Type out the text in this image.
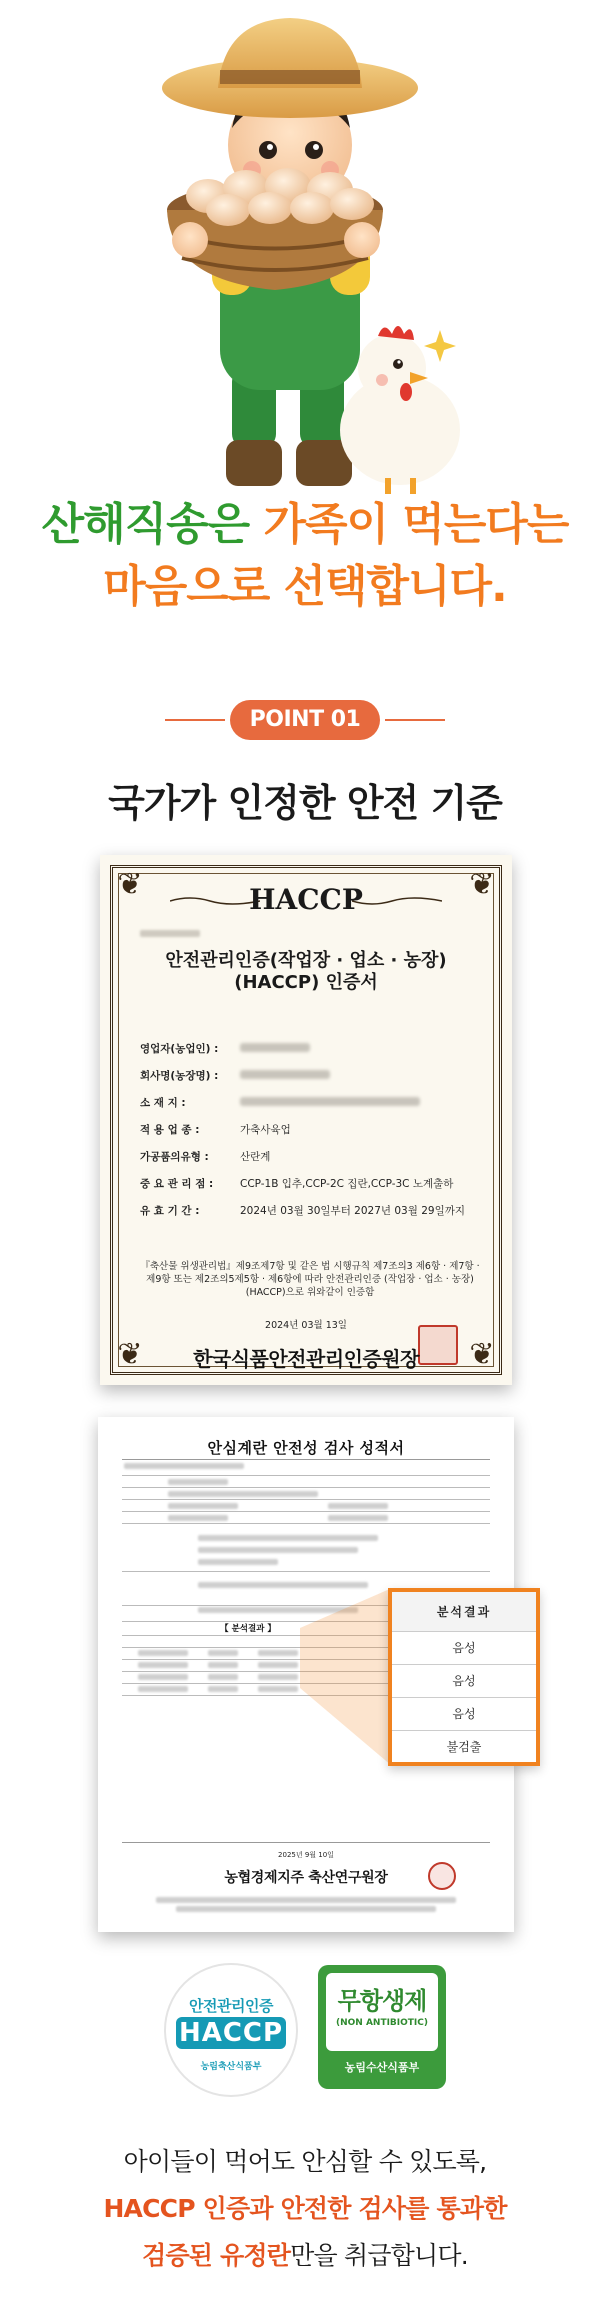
산해직송은 가족이 먹는다는
마음으로 선택합니다.
POINT 01
국가가 인정한 안전 기준
❦	❦
❦	❦
HACCP
안전관리인증(작업장 · 업소 · 농장)
(HACCP) 인증서
영업자(농업인) :
회사명(농장명) :
소 재 지 :
적 용 업 종 :	가축사육업
가공품의유형 :	산란계
중 요 관 리 점 :	CCP-1B 입추,CCP-2C 집란,CCP-3C 노계출하
유 효 기 간 :	2024년 03월 30일부터 2027년 03월 29일까지
『축산물 위생관리법』제9조제7항 및 같은 법 시행규칙 제7조의3 제6항 · 제7항 · 제9항 또는 제2조의5제5항 · 제6항에 따라 안전관리인증 (작업장 · 업소 · 농장)(HACCP)으로 위와같이 인증함
2024년 03월 13일
한국식품안전관리인증원장
안심계란 안전성 검사 성적서
【 분석결과 】
2025년 9월 10일
농협경제지주 축산연구원장

분석결과
음성
음성
음성
불검출
안전관리인증
HACCP
농림축산식품부
무항생제
(NON ANTIBIOTIC)
농림수산식품부
아이들이 먹어도 안심할 수 있도록,
HACCP 인증과 안전한 검사를 통과한
검증된 유정란만을 취급합니다.
